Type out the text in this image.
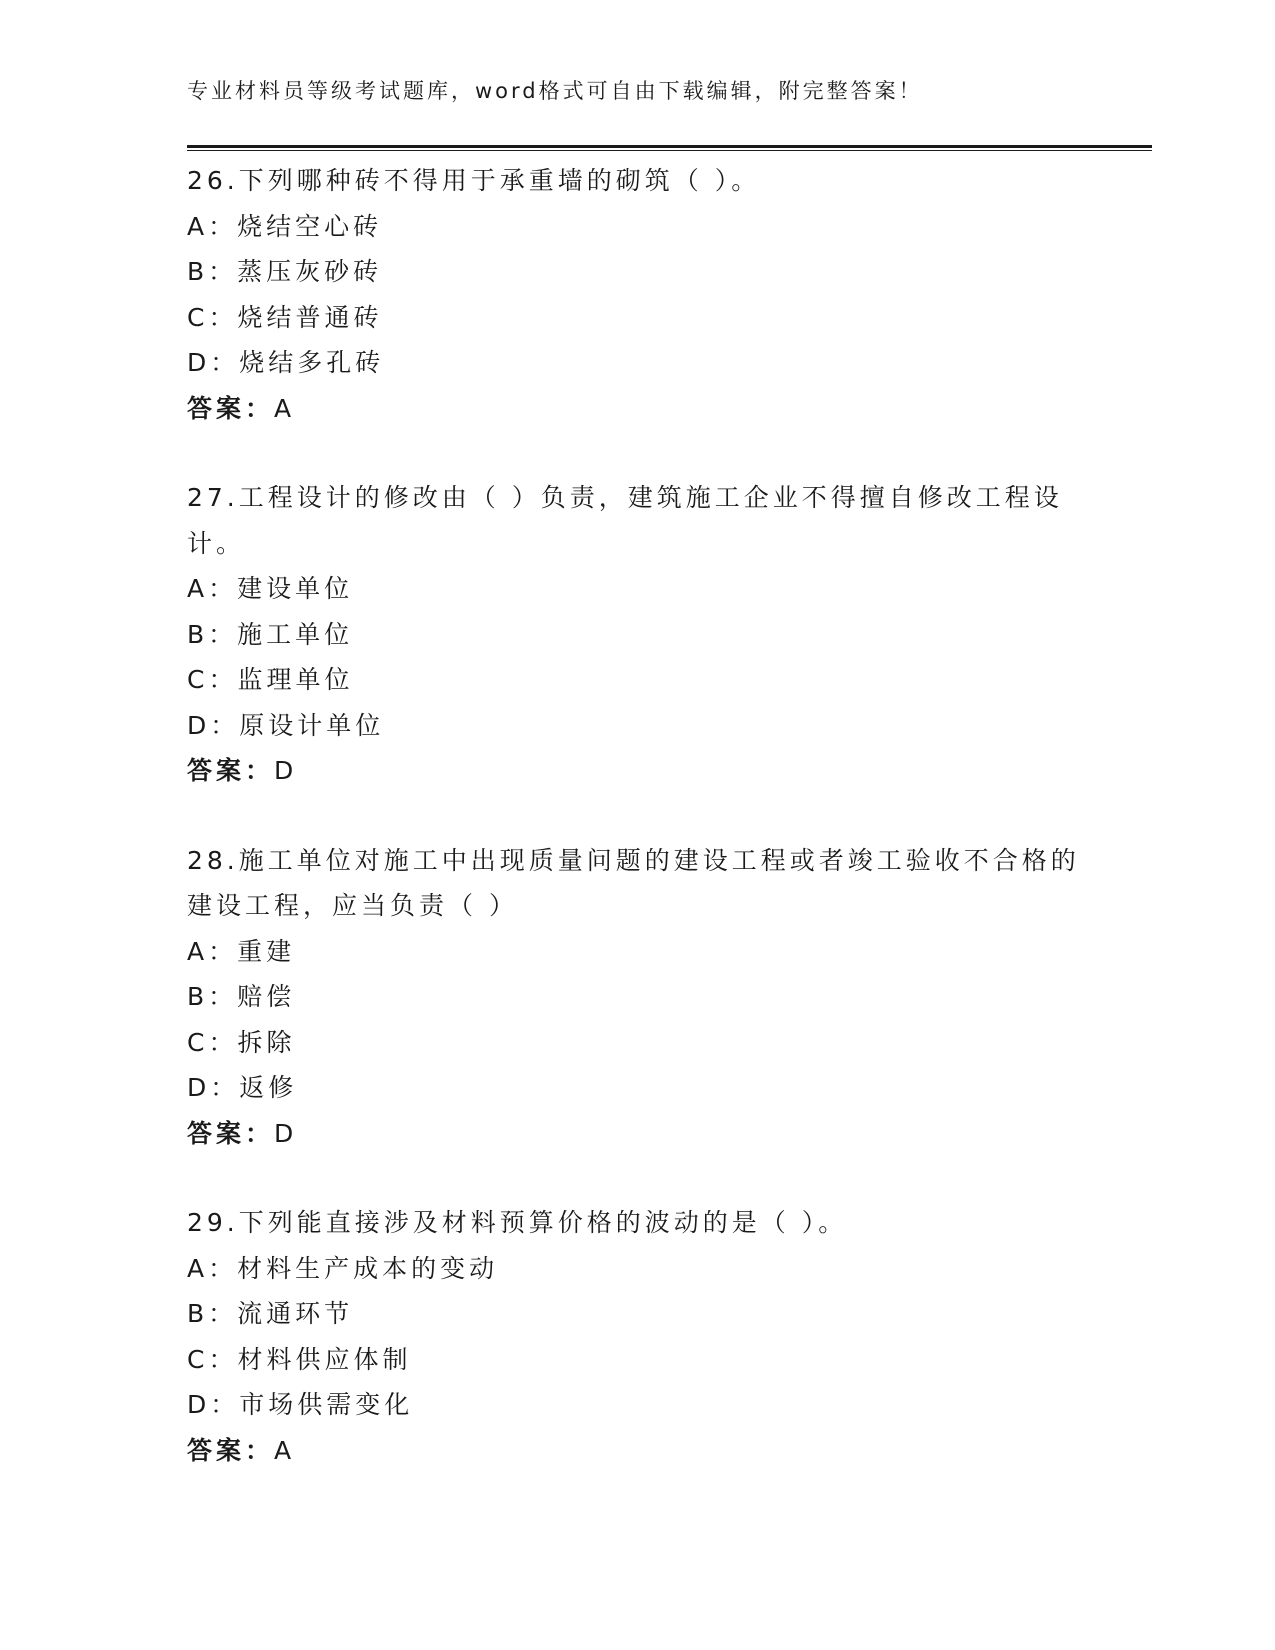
专业材料员等级考试题库，word格式可自由下载编辑，附完整答案！
26.下列哪种砖不得用于承重墙的砌筑（ ）。
A：烧结空心砖
B：蒸压灰砂砖
C：烧结普通砖
D：烧结多孔砖
答案：A
27.工程设计的修改由（ ）负责，建筑施工企业不得擅自修改工程设
计。
A：建设单位
B：施工单位
C：监理单位
D：原设计单位
答案：D
28.施工单位对施工中出现质量问题的建设工程或者竣工验收不合格的
建设工程，应当负责（ ）
A：重建
B：赔偿
C：拆除
D：返修
答案：D
29.下列能直接涉及材料预算价格的波动的是（ ）。
A：材料生产成本的变动
B：流通环节
C：材料供应体制
D：市场供需变化
答案：A
